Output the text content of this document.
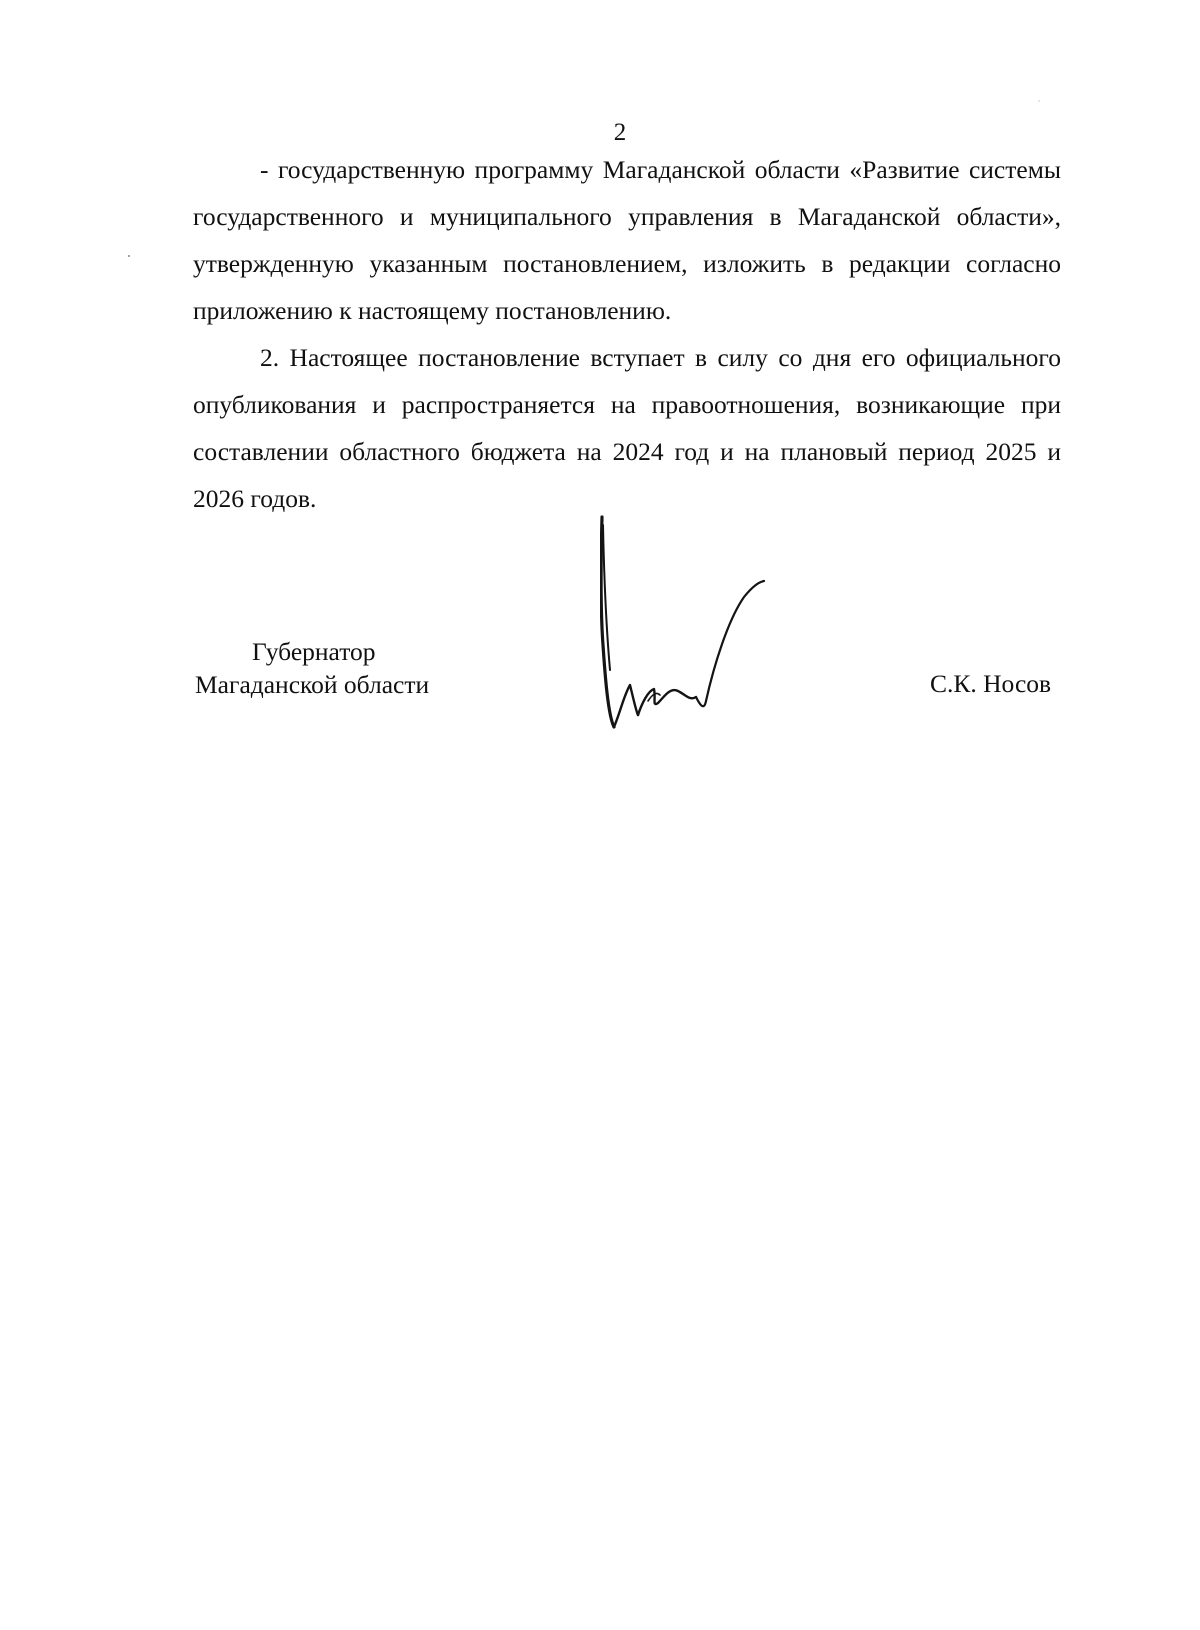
2

- государственную программу Магаданской области «Развитие системы государственного и муниципального управления в Магаданской области», утвержденную указанным постановлением, изложить в редакции согласно приложению к настоящему постановлению.

2. Настоящее постановление вступает в силу со дня его официального опубликования и распространяется на правоотношения, возникающие при составлении областного бюджета на 2024 год и на плановый период 2025 и 2026 годов.

Губернатор
Магаданской области	С.К. Носов
